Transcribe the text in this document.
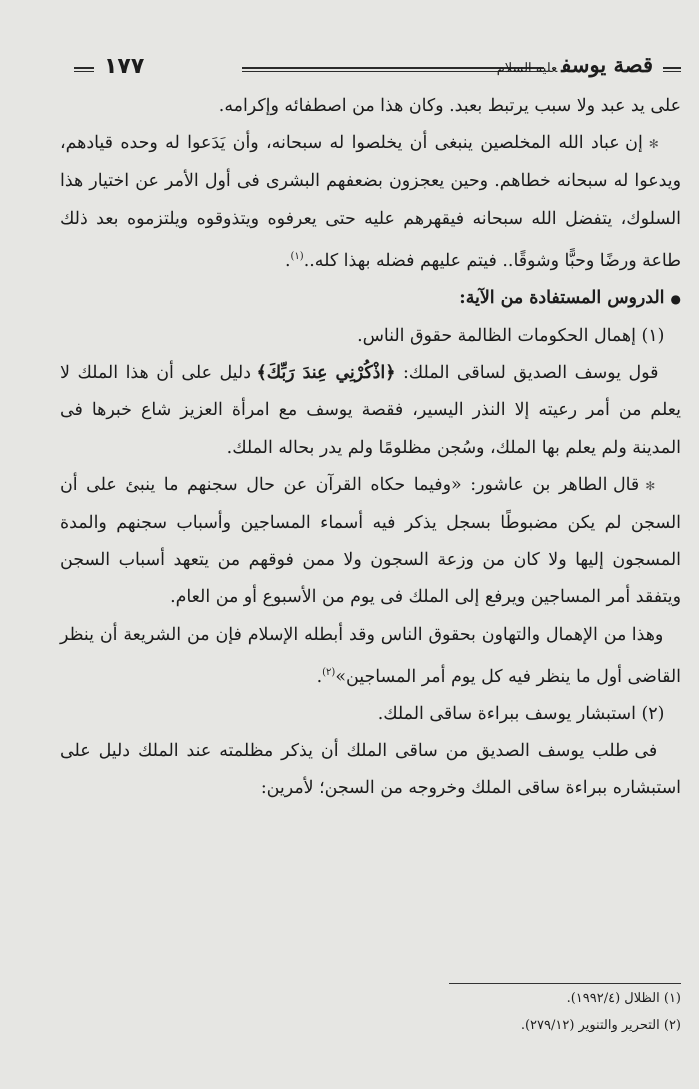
١٧٧	قصة يوسفعليه السلام

على يد عبد ولا سبب يرتبط بعبد. وكان هذا من اصطفائه وإكرامه.

✻إن عباد الله المخلصين ينبغى أن يخلصوا له سبحانه، وأن يَدَعوا له وحده قيادهم، ويدعوا له سبحانه خطاهم. وحين يعجزون بضعفهم البشرى فى أول الأمر عن اختيار هذا السلوك، يتفضل الله سبحانه فيقهرهم عليه حتى يعرفوه ويتذوقوه ويلتزموه بعد ذلك طاعة ورضًا وحبًّا وشوقًا.. فيتم عليهم فضله بهذا كله..$^{(١)}$.

●الدروس المستفادة من الآية:

(١) إهمال الحكومات الظالمة حقوق الناس.

قول يوسف الصديق لساقى الملك: ﴿اذْكُرْنِي عِندَ رَبِّكَ﴾ دليل على أن هذا الملك لا يعلم من أمر رعيته إلا النذر اليسير، فقصة يوسف مع امرأة العزيز شاع خبرها فى المدينة ولم يعلم بها الملك، وسُجن مظلومًا ولم يدر بحاله الملك.

✻قال الطاهر بن عاشور: «وفيما حكاه القرآن عن حال سجنهم ما ينبئ على أن السجن لم يكن مضبوطًا بسجل يذكر فيه أسماء المساجين وأسباب سجنهم والمدة المسجون إليها ولا كان من وزعة السجون ولا ممن فوقهم من يتعهد أسباب السجن ويتفقد أمر المساجين ويرفع إلى الملك فى يوم من الأسبوع أو من العام.

وهذا من الإهمال والتهاون بحقوق الناس وقد أبطله الإسلام فإن من الشريعة أن ينظر القاضى أول ما ينظر فيه كل يوم أمر المساجين»$^{(٢)}$.

(٢) استبشار يوسف ببراءة ساقى الملك.

فى طلب يوسف الصديق من ساقى الملك أن يذكر مظلمته عند الملك دليل على استبشاره ببراءة ساقى الملك وخروجه من السجن؛ لأمرين:

(١) الظلال (١٩٩٢/٤).
(٢) التحرير والتنوير (٢٧٩/١٢).
